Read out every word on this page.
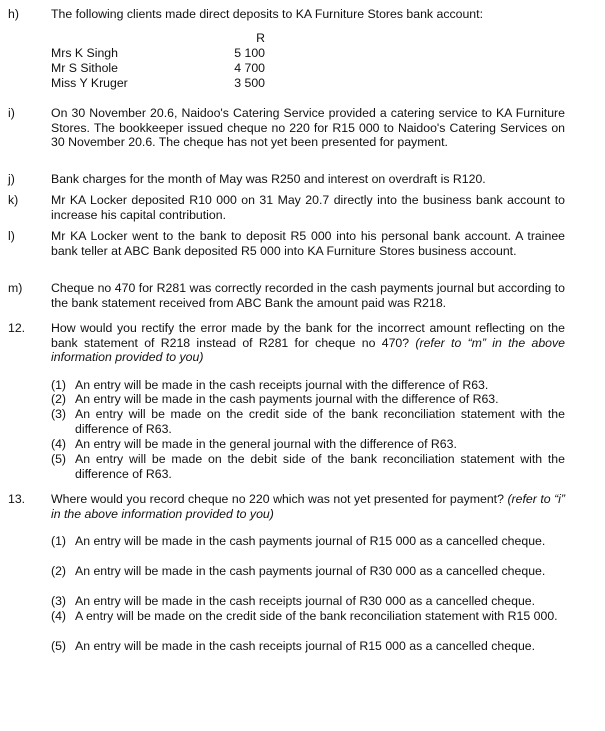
h)	The following clients made direct deposits to KA Furniture Stores bank account:
R
Mrs K Singh	5 100
Mr S Sithole	4 700
Miss Y Kruger	3 500
i)	On 30 November 20.6, Naidoo's Catering Service provided a catering service to KA Furniture Stores. The bookkeeper issued cheque no 220 for R15 000 to Naidoo's Catering Services on 30 November 20.6. The cheque has not yet been presented for payment.
j)	Bank charges for the month of May was R250 and interest on overdraft is R120.
k)	Mr KA Locker deposited R10 000 on 31 May 20.7 directly into the business bank account to increase his capital contribution.
l)	Mr KA Locker went to the bank to deposit R5 000 into his personal bank account. A trainee bank teller at ABC Bank deposited R5 000 into KA Furniture Stores business account.
m) Cheque no 470 for R281 was correctly recorded in the cash payments journal but according to the bank statement received from ABC Bank the amount paid was R218.
12. How would you rectify the error made by the bank for the incorrect amount reflecting on the bank statement of R218 instead of R281 for cheque no 470? (refer to “m” in the above information provided to you)
(1) An entry will be made in the cash receipts journal with the difference of R63.
(2) An entry will be made in the cash payments journal with the difference of R63.
(3) An entry will be made on the credit side of the bank reconciliation statement with the difference of R63.
(4) An entry will be made in the general journal with the difference of R63.
(5) An entry will be made on the debit side of the bank reconciliation statement with the difference of R63.
13. Where would you record cheque no 220 which was not yet presented for payment? (refer to “i” in the above information provided to you)
(1) An entry will be made in the cash payments journal of R15 000 as a cancelled cheque.
(2) An entry will be made in the cash payments journal of R30 000 as a cancelled cheque.
(3) An entry will be made in the cash receipts journal of R30 000 as a cancelled cheque.
(4) A entry will be made on the credit side of the bank reconciliation statement with R15 000.
(5) An entry will be made in the cash receipts journal of R15 000 as a cancelled cheque.
